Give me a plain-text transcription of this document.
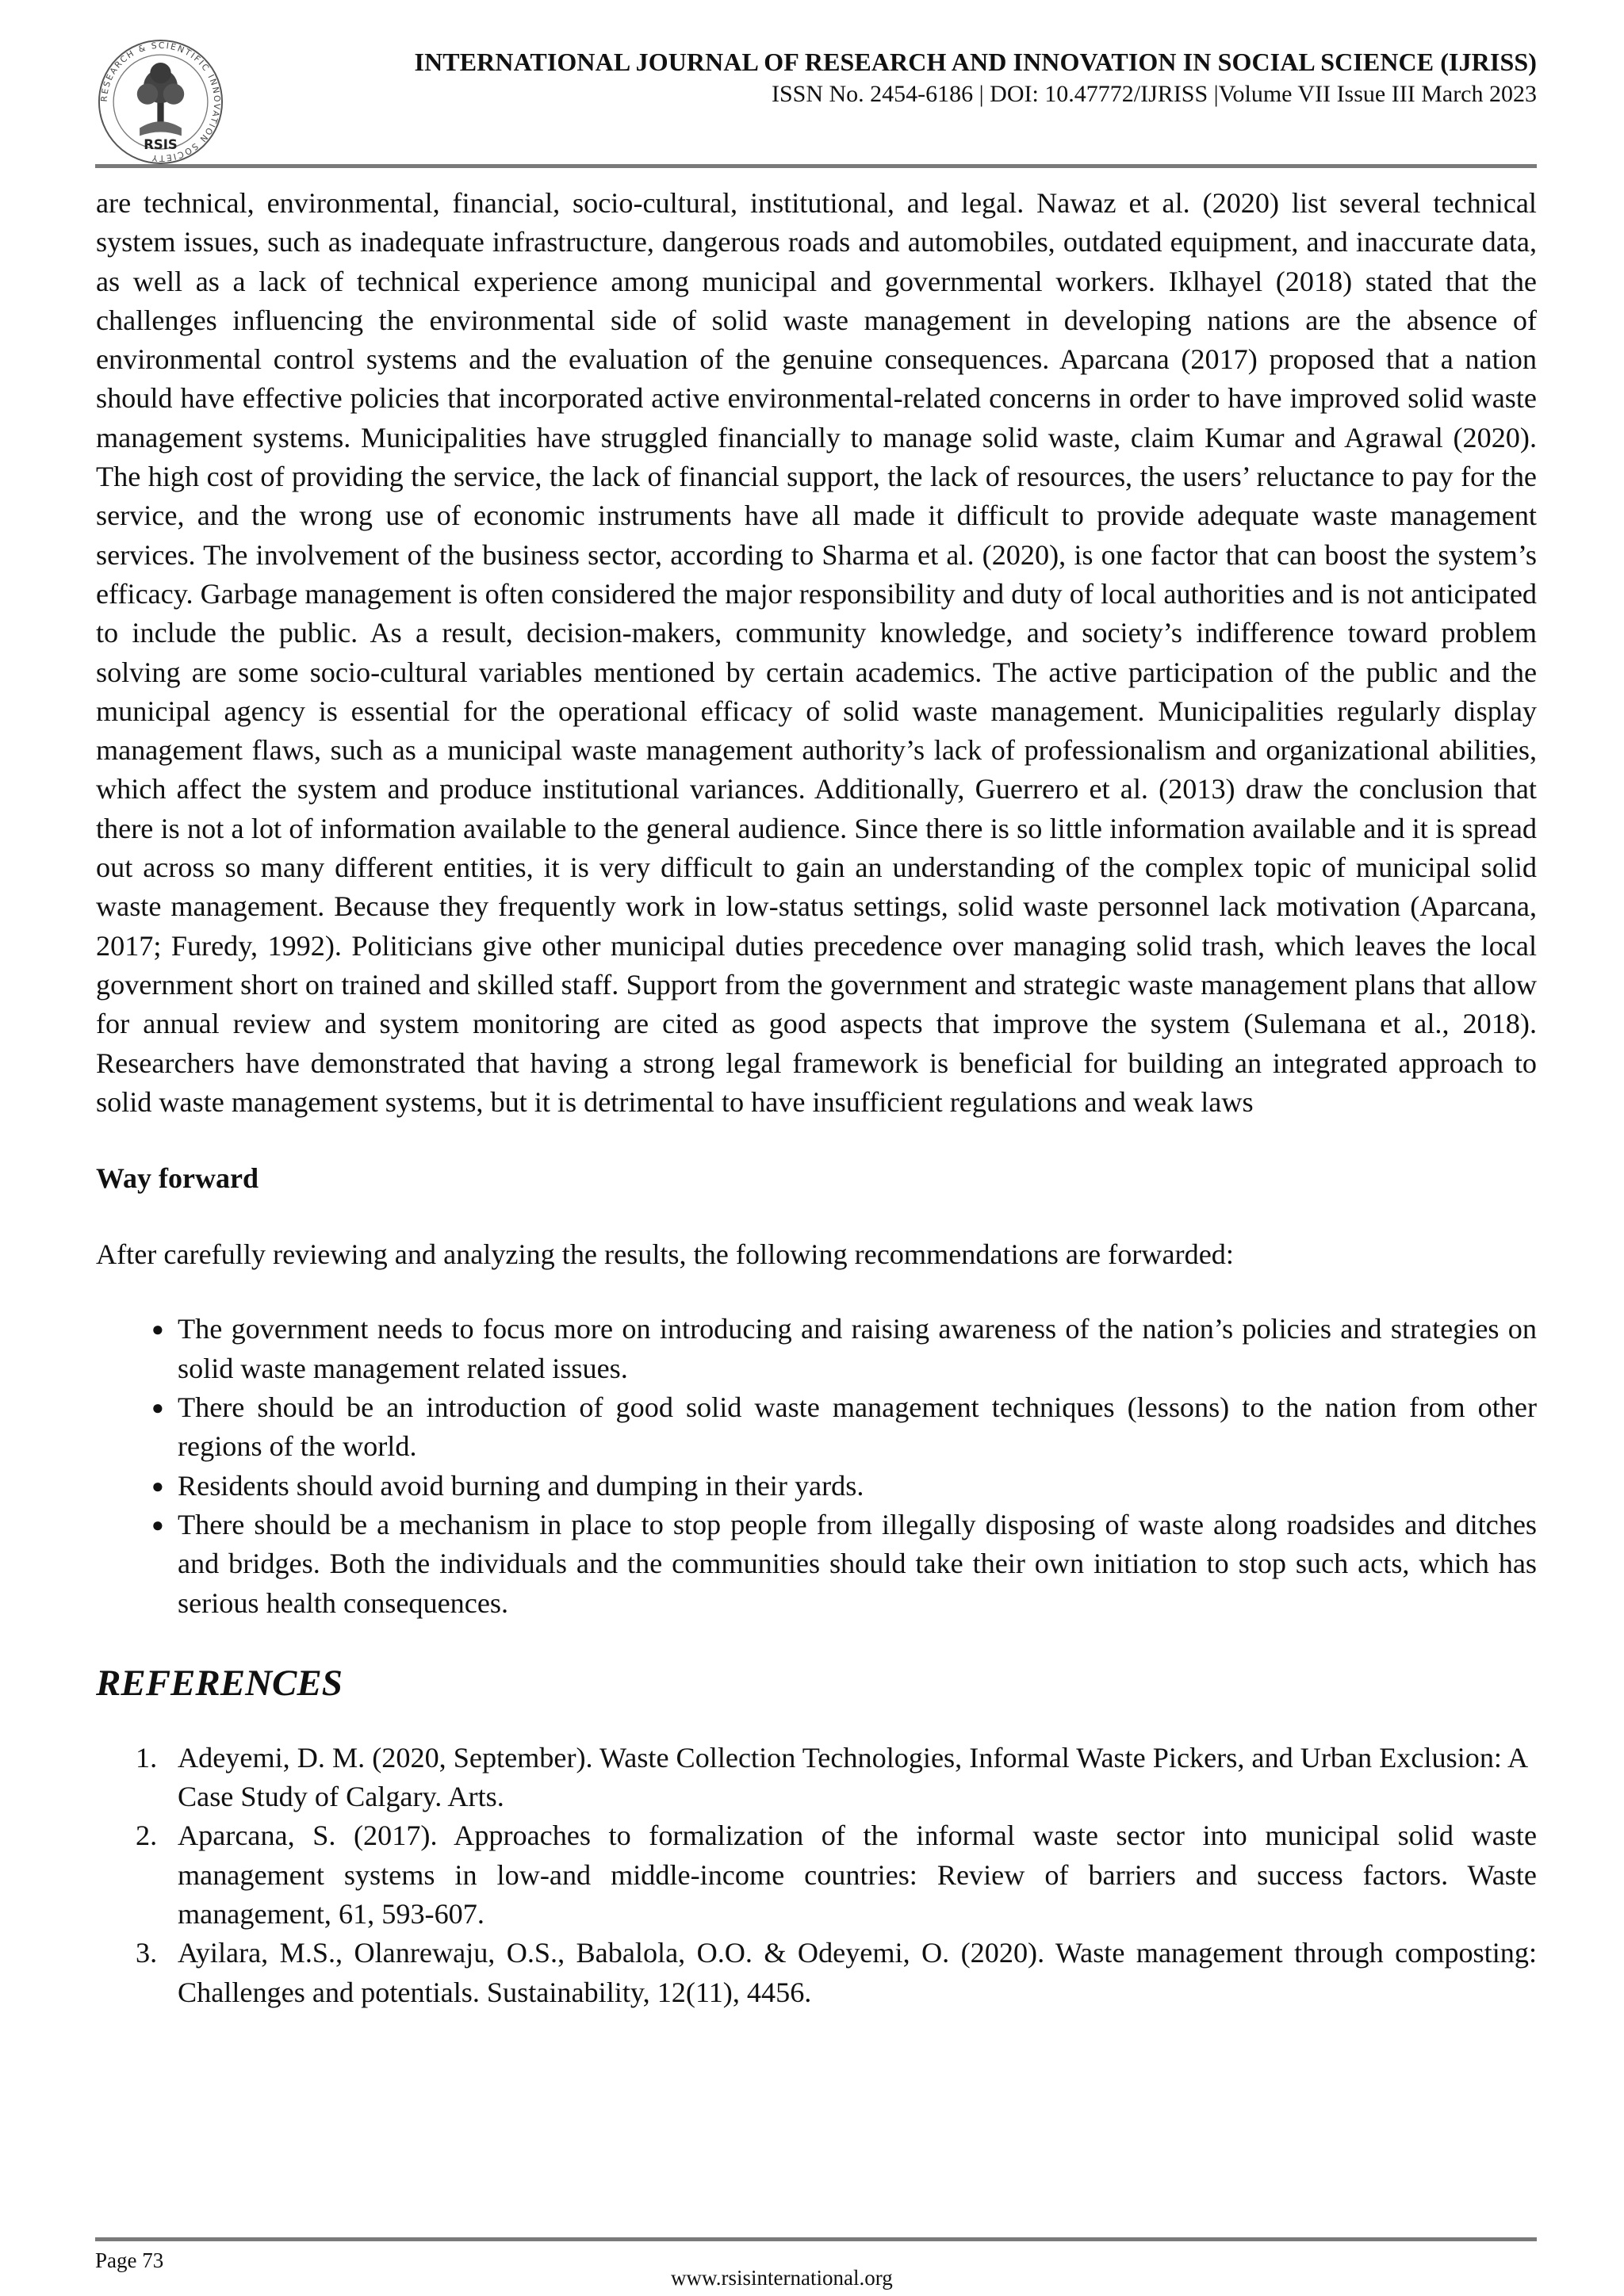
RESEARCH & SCIENTIFIC INNOVATION SOCIETY
RSIS
INTERNATIONAL JOURNAL OF RESEARCH AND INNOVATION IN SOCIAL SCIENCE (IJRISS)
ISSN No. 2454-6186 | DOI: 10.47772/IJRISS |Volume VII Issue III March 2023

are technical, environmental, financial, socio-cultural, institutional, and legal. Nawaz et al. (2020) list several technical system issues, such as inadequate infrastructure, dangerous roads and automobiles, outdated equipment, and inaccurate data, as well as a lack of technical experience among municipal and governmental workers. Iklhayel (2018) stated that the challenges influencing the environmental side of solid waste management in developing nations are the absence of environmental control systems and the evaluation of the genuine consequences. Aparcana (2017) proposed that a nation should have effective policies that incorporated active environmental-related concerns in order to have improved solid waste management systems. Municipalities have struggled financially to manage solid waste, claim Kumar and Agrawal (2020). The high cost of providing the service, the lack of financial support, the lack of resources, the users’ reluctance to pay for the service, and the wrong use of economic instruments have all made it difficult to provide adequate waste management services. The involvement of the business sector, according to Sharma et al. (2020), is one factor that can boost the system’s efficacy. Garbage management is often considered the major responsibility and duty of local authorities and is not anticipated to include the public. As a result, decision-makers, community knowledge, and society’s indifference toward problem solving are some socio-cultural variables mentioned by certain academics. The active participation of the public and the municipal agency is essential for the operational efficacy of solid waste management. Municipalities regularly display management flaws, such as a municipal waste management authority’s lack of professionalism and organizational abilities, which affect the system and produce institutional variances. Additionally, Guerrero et al. (2013) draw the conclusion that there is not a lot of information available to the general audience. Since there is so little information available and it is spread out across so many different entities, it is very difficult to gain an understanding of the complex topic of municipal solid waste management. Because they frequently work in low-status settings, solid waste personnel lack motivation (Aparcana, 2017; Furedy, 1992). Politicians give other municipal duties precedence over managing solid trash, which leaves the local government short on trained and skilled staff. Support from the government and strategic waste management plans that allow for annual review and system monitoring are cited as good aspects that improve the system (Sulemana et al., 2018). Researchers have demonstrated that having a strong legal framework is beneficial for building an integrated approach to solid waste management systems, but it is detrimental to have insufficient regulations and weak laws

Way forward

After carefully reviewing and analyzing the results, the following recommendations are forwarded:

● The government needs to focus more on introducing and raising awareness of the nation’s policies and strategies on solid waste management related issues.
● There should be an introduction of good solid waste management techniques (lessons) to the nation from other regions of the world.
● Residents should avoid burning and dumping in their yards.
● There should be a mechanism in place to stop people from illegally disposing of waste along roadsides and ditches and bridges. Both the individuals and the communities should take their own initiation to stop such acts, which has serious health consequences.
REFERENCES
1. Adeyemi, D. M. (2020, September). Waste Collection Technologies, Informal Waste Pickers, and Urban Exclusion: A Case Study of Calgary. Arts.
2. Aparcana, S. (2017). Approaches to formalization of the informal waste sector into municipal solid waste management systems in low-and middle-income countries: Review of barriers and success factors. Waste management, 61, 593-607.
3. Ayilara, M.S., Olanrewaju, O.S., Babalola, O.O. & Odeyemi, O. (2020). Waste management through composting: Challenges and potentials. Sustainability, 12(11), 4456.
Page 73
www.rsisinternational.org
